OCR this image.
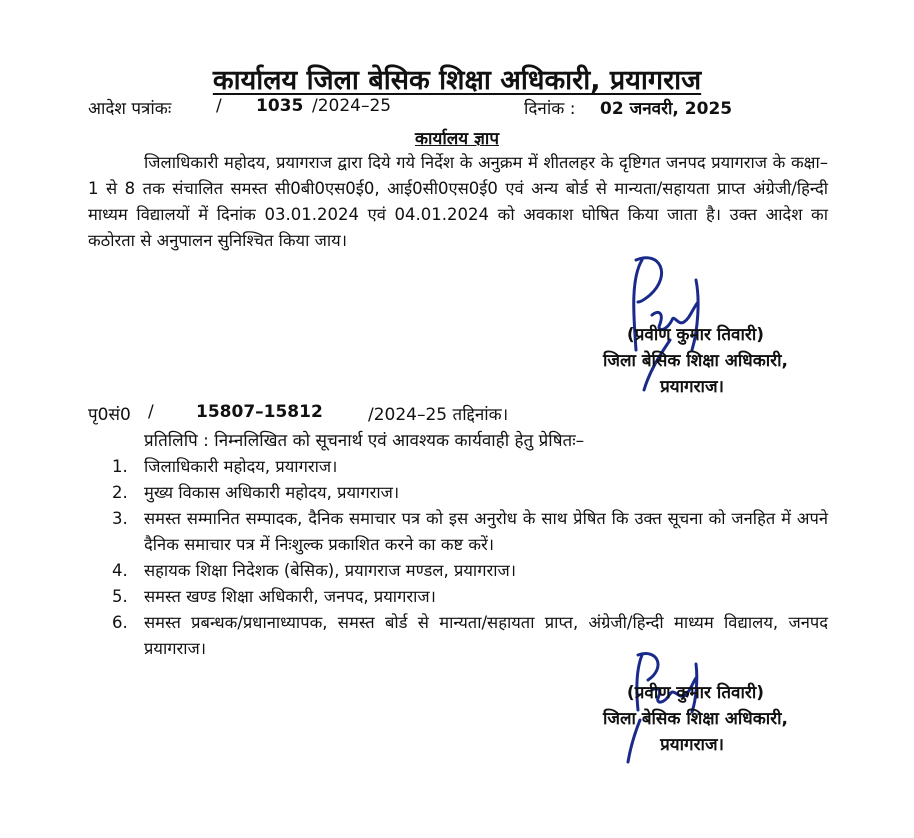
कार्यालय जिला बेसिक शिक्षा अधिकारी, प्रयागराज
आदेश पत्रांकः	/ 1035 /2024–25	दिनांक : 02 जनवरी, 2025
कार्यालय ज्ञाप
जिलाधिकारी महोदय, प्रयागराज द्वारा दिये गये निर्देश के अनुक्रम में शीतलहर के दृष्टिगत जनपद प्रयागराज के कक्षा–1 से 8 तक संचालित समस्त सी0बी0एस0ई0, आई0सी0एस0ई0 एवं अन्य बोर्ड से मान्यता/सहायता प्राप्त अंग्रेजी/हिन्दी माध्यम विद्यालयों में दिनांक 03.01.2024 एवं 04.01.2024 को अवकाश घोषित किया जाता है। उक्त आदेश का कठोरता से अनुपालन सुनिश्चित किया जाय।
(प्रवीण कुमार तिवारी)
जिला बेसिक शिक्षा अधिकारी,
प्रयागराज।
पृ0सं0 / 15807–15812	/2024–25 तद्दिनांक।
प्रतिलिपि : निम्नलिखित को सूचनार्थ एवं आवश्यक कार्यवाही हेतु प्रेषितः–
1. जिलाधिकारी महोदय, प्रयागराज।
2. मुख्य विकास अधिकारी महोदय, प्रयागराज।
3. समस्त सम्मानित सम्पादक, दैनिक समाचार पत्र को इस अनुरोध के साथ प्रेषित कि उक्त सूचना को जनहित में अपने दैनिक समाचार पत्र में निःशुल्क प्रकाशित करने का कष्ट करें।
4. सहायक शिक्षा निदेशक (बेसिक), प्रयागराज मण्डल, प्रयागराज।
5. समस्त खण्ड शिक्षा अधिकारी, जनपद, प्रयागराज।
6. समस्त प्रबन्धक/प्रधानाध्यापक, समस्त बोर्ड से मान्यता/सहायता प्राप्त, अंग्रेजी/हिन्दी माध्यम विद्यालय, जनपद प्रयागराज।
(प्रवीण कुमार तिवारी)
जिला बेसिक शिक्षा अधिकारी,
प्रयागराज।
